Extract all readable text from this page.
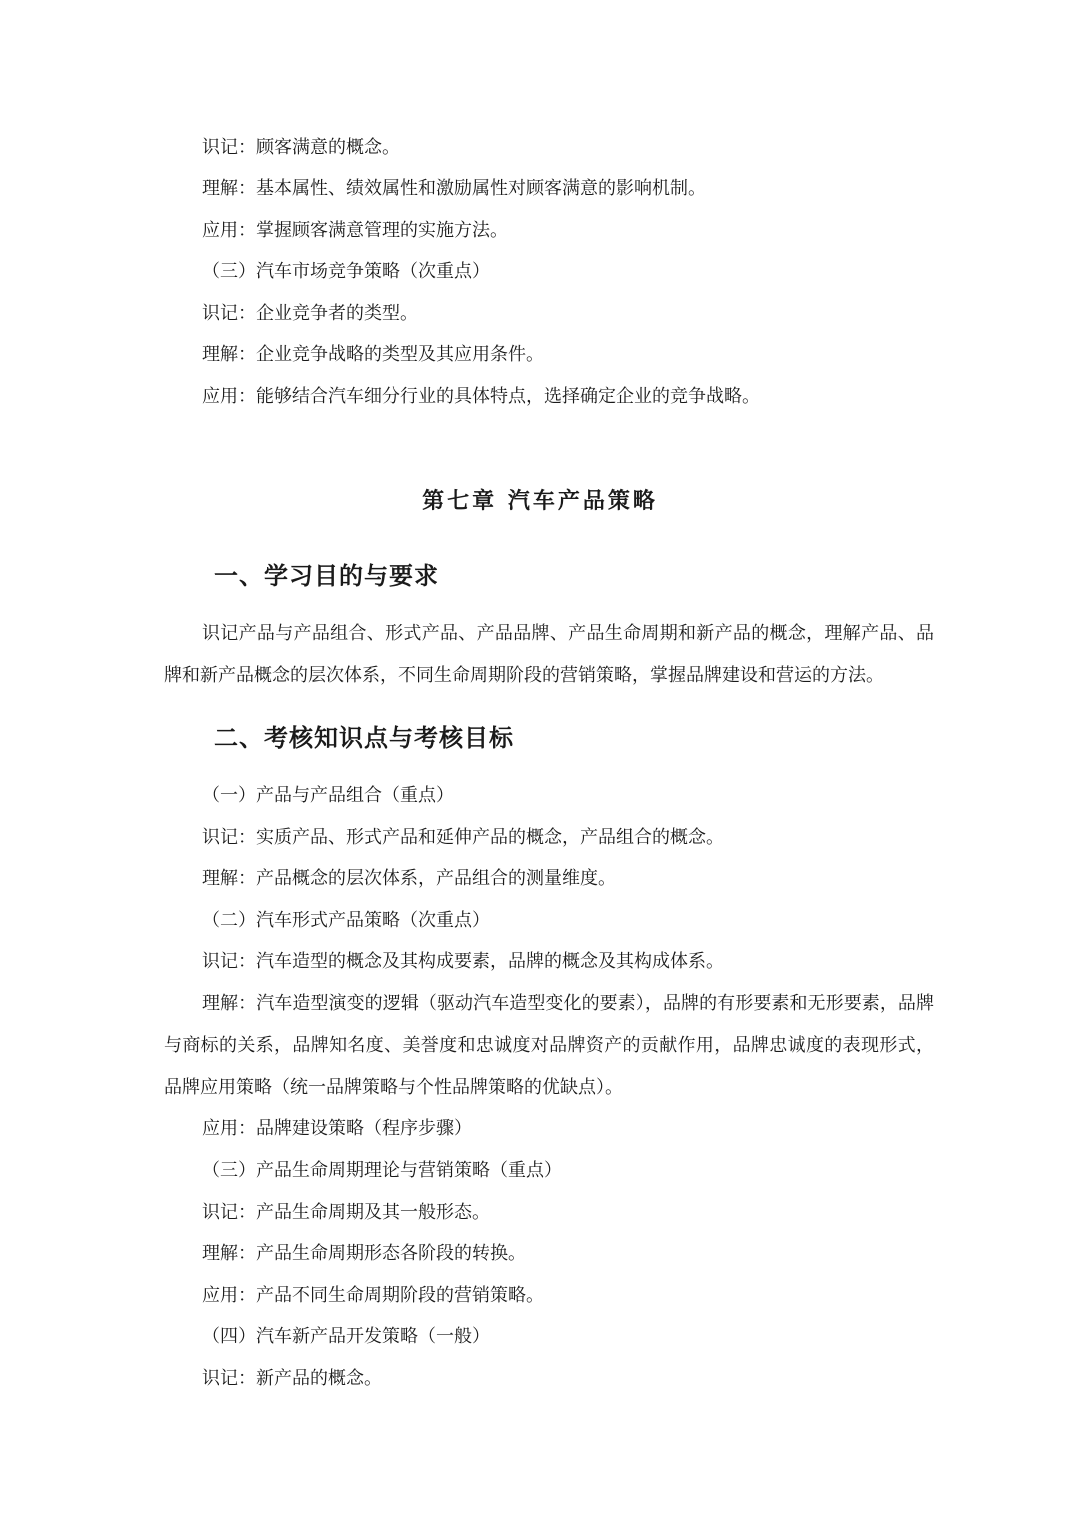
识记：顾客满意的概念。
理解：基本属性、绩效属性和激励属性对顾客满意的影响机制。
应用：掌握顾客满意管理的实施方法。
（三）汽车市场竞争策略（次重点）
识记：企业竞争者的类型。
理解：企业竞争战略的类型及其应用条件。
应用：能够结合汽车细分行业的具体特点，选择确定企业的竞争战略。
第七章 汽车产品策略
一、学习目的与要求
识记产品与产品组合、形式产品、产品品牌、产品生命周期和新产品的概念，理解产品、品牌和新产品概念的层次体系，不同生命周期阶段的营销策略，掌握品牌建设和营运的方法。
二、考核知识点与考核目标
（一）产品与产品组合（重点）
识记：实质产品、形式产品和延伸产品的概念，产品组合的概念。
理解：产品概念的层次体系，产品组合的测量维度。
（二）汽车形式产品策略（次重点）
识记：汽车造型的概念及其构成要素，品牌的概念及其构成体系。
理解：汽车造型演变的逻辑（驱动汽车造型变化的要素），品牌的有形要素和无形要素，品牌与商标的关系，品牌知名度、美誉度和忠诚度对品牌资产的贡献作用，品牌忠诚度的表现形式，品牌应用策略（统一品牌策略与个性品牌策略的优缺点）。
应用：品牌建设策略（程序步骤）
（三）产品生命周期理论与营销策略（重点）
识记：产品生命周期及其一般形态。
理解：产品生命周期形态各阶段的转换。
应用：产品不同生命周期阶段的营销策略。
（四）汽车新产品开发策略（一般）
识记：新产品的概念。
